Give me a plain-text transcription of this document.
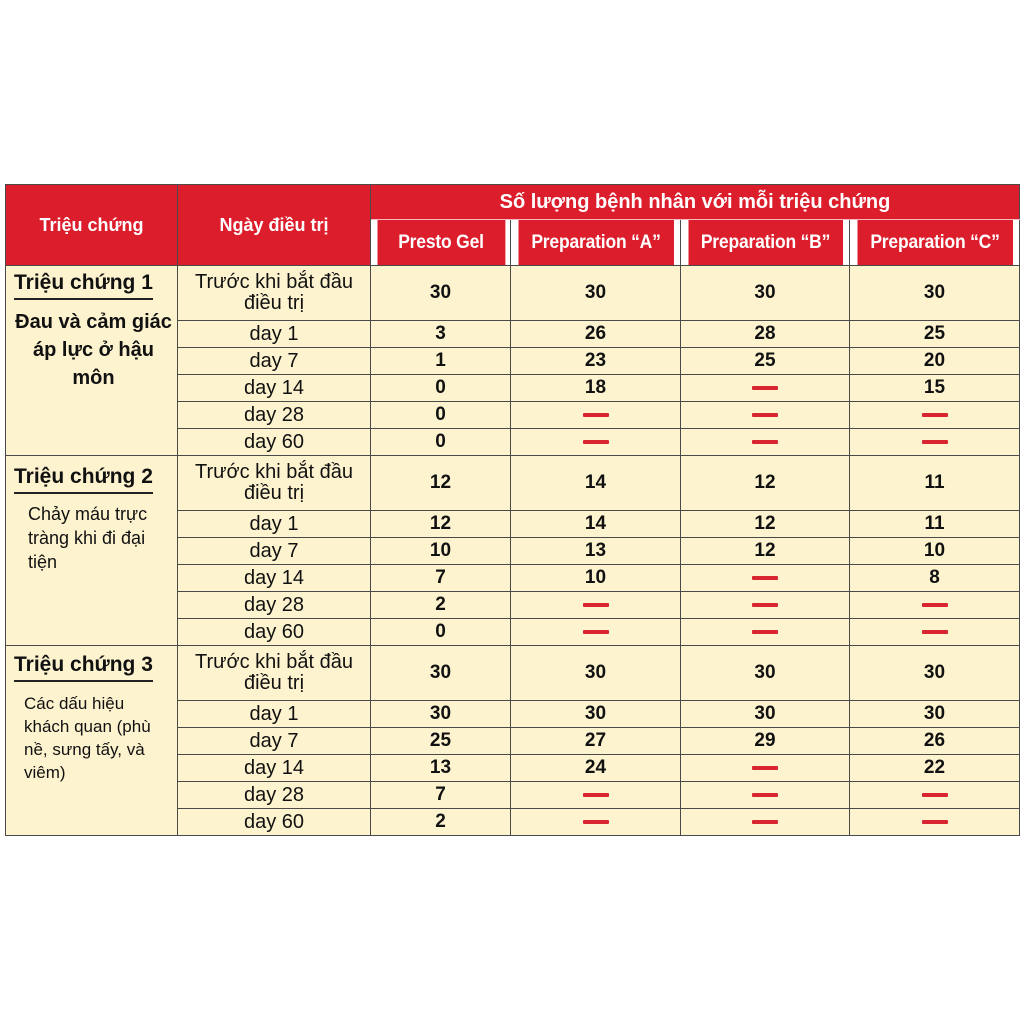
Triệu chứng	Ngày điều trị	Số lượng bệnh nhân với mỗi triệu chứng			
		Presto Gel	Preparation “A”	Preparation “B”	Preparation “C”

Triệu chứng 1
Đau và cảm giác áp lực ở hậu môn	Trước khi bắt đầu điều trị	30	30	30	30
	day 1	3	26	28	25
	day 7	1	23	25	20
	day 14	0	18		15
	day 28	0			
	day 60	0			

Triệu chứng 2
Chảy máu trực tràng khi đi đại tiện	Trước khi bắt đầu điều trị	12	14	12	11
	day 1	12	14	12	11
	day 7	10	13	12	10
	day 14	7	10		8
	day 28	2			
	day 60	0			

Triệu chứng 3
Các dấu hiệu khách quan (phù nề, sưng tấy, và viêm)	Trước khi bắt đầu điều trị	30	30	30	30
	day 1	30	30	30	30
	day 7	25	27	29	26
	day 14	13	24		22
	day 28	7			
	day 60	2			
